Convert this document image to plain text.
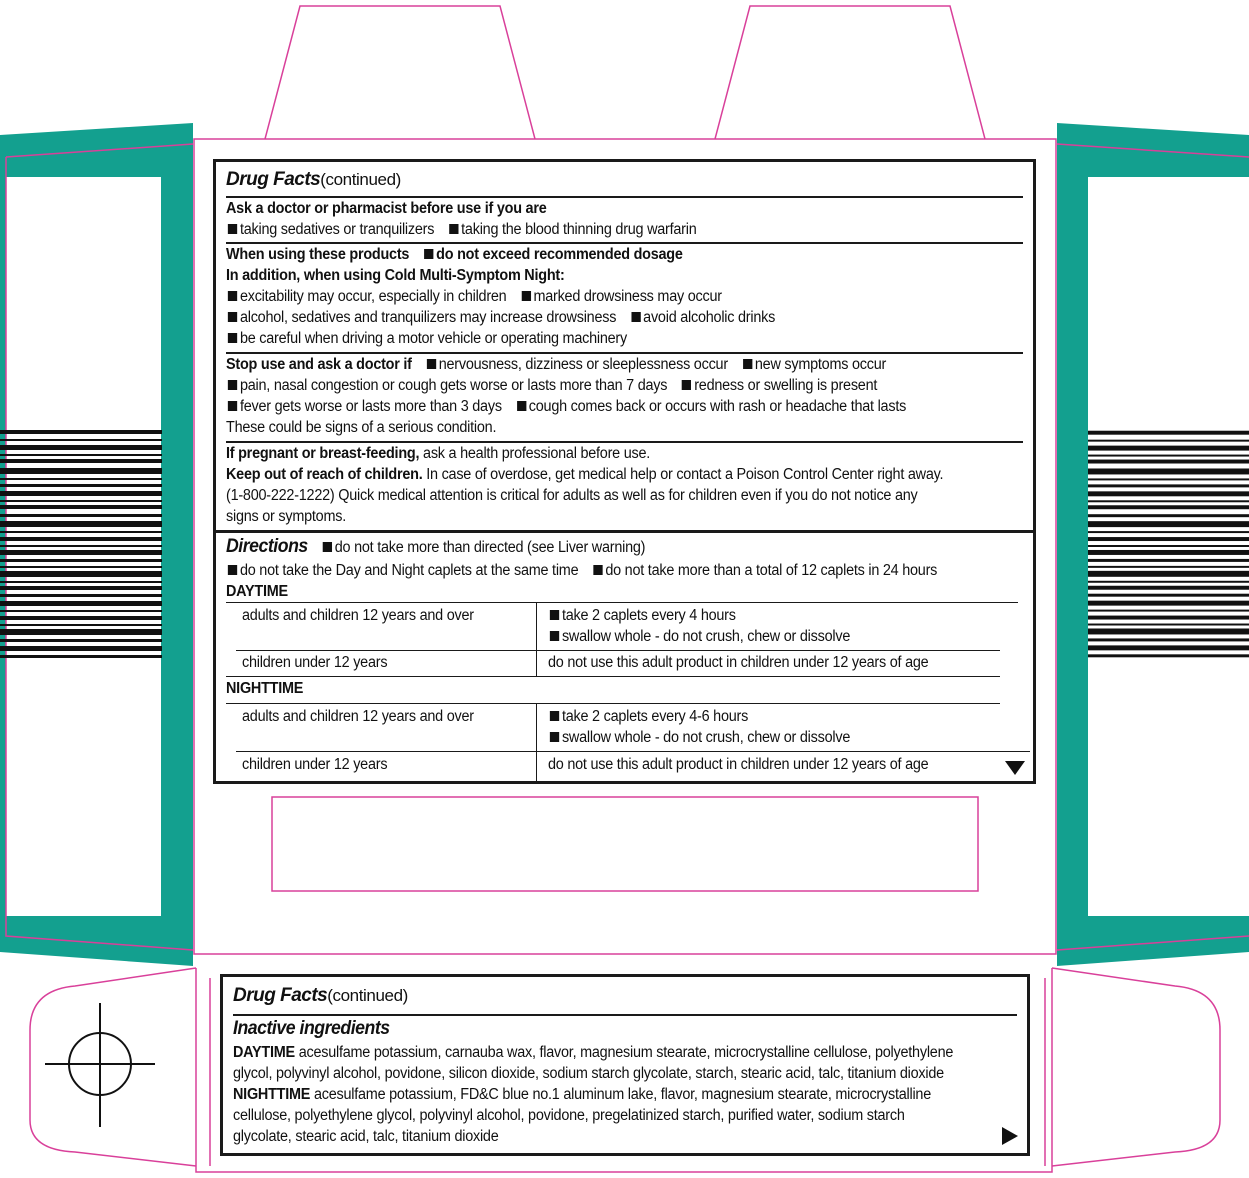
Drug Facts(continued)
Ask a doctor or pharmacist before use if you are
taking sedatives or tranquilizers taking the blood thinning drug warfarin
When using these products do not exceed recommended dosage
In addition, when using Cold Multi-Symptom Night:
excitability may occur, especially in children marked drowsiness may occur
alcohol, sedatives and tranquilizers may increase drowsiness avoid alcoholic drinks
be careful when driving a motor vehicle or operating machinery
Stop use and ask a doctor if nervousness, dizziness or sleeplessness occur new symptoms occur
pain, nasal congestion or cough gets worse or lasts more than 7 days redness or swelling is present
fever gets worse or lasts more than 3 days cough comes back or occurs with rash or headache that lasts
These could be signs of a serious condition.
If pregnant or breast-feeding, ask a health professional before use.
Keep out of reach of children. In case of overdose, get medical help or contact a Poison Control Center right away.
(1-800-222-1222) Quick medical attention is critical for adults as well as for children even if you do not notice any
signs or symptoms.
Directions do not take more than directed (see Liver warning)
do not take the Day and Night caplets at the same time do not take more than a total of 12 caplets in 24 hours
DAYTIME
adults and children 12 years and over	take 2 caplets every 4 hours
swallow whole - do not crush, chew or dissolve
children under 12 years	do not use this adult product in children under 12 years of age
NIGHTTIME
adults and children 12 years and over	take 2 caplets every 4-6 hours
swallow whole - do not crush, chew or dissolve
children under 12 years	do not use this adult product in children under 12 years of age
Drug Facts(continued)
Inactive ingredients
DAYTIME acesulfame potassium, carnauba wax, flavor, magnesium stearate, microcrystalline cellulose, polyethylene
glycol, polyvinyl alcohol, povidone, silicon dioxide, sodium starch glycolate, starch, stearic acid, talc, titanium dioxide
NIGHTTIME acesulfame potassium, FD&C blue no.1 aluminum lake, flavor, magnesium stearate, microcrystalline
cellulose, polyethylene glycol, polyvinyl alcohol, povidone, pregelatinized starch, purified water, sodium starch
glycolate, stearic acid, talc, titanium dioxide
